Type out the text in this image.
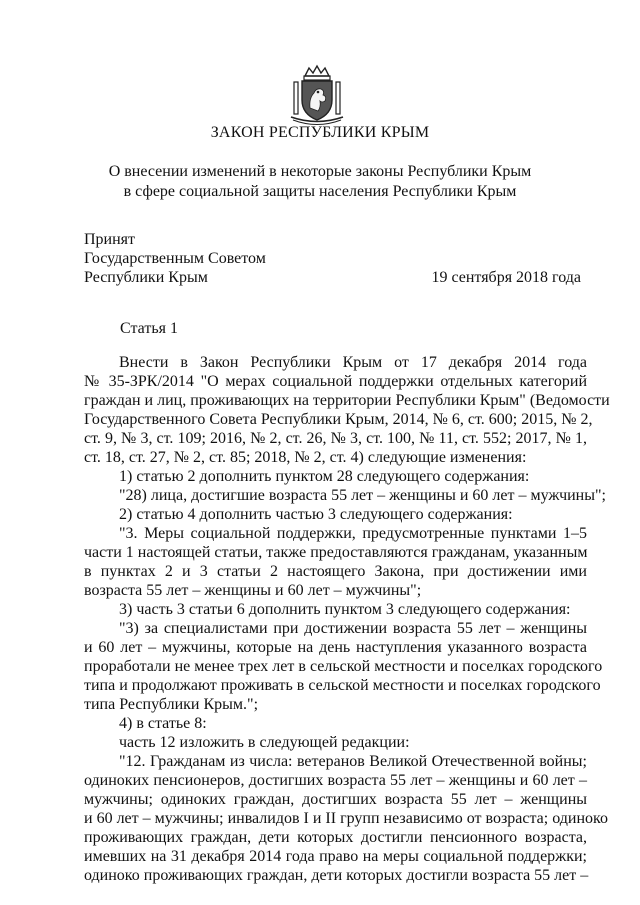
ЗАКОН РЕСПУБЛИКИ КРЫМ
О внесении изменений в некоторые законы Республики Крым
в сфере социальной защиты населения Республики Крым
Принят
Государственным Советом
Республики Крым	19 сентября 2018 года
Статья 1
Внести в Закон Республики Крым от 17 декабря 2014 года
№ 35-ЗРК/2014 "О мерах социальной поддержки отдельных категорий
граждан и лиц, проживающих на территории Республики Крым" (Ведомости
Государственного Совета Республики Крым, 2014, № 6, ст. 600; 2015, № 2,
ст. 9, № 3, ст. 109; 2016, № 2, ст. 26, № 3, ст. 100, № 11, ст. 552; 2017, № 1,
ст. 18, ст. 27, № 2, ст. 85; 2018, № 2, ст. 4) следующие изменения:
1) статью 2 дополнить пунктом 28 следующего содержания:
"28) лица, достигшие возраста 55 лет – женщины и 60 лет – мужчины";
2) статью 4 дополнить частью 3 следующего содержания:
"3. Меры социальной поддержки, предусмотренные пунктами 1–5
части 1 настоящей статьи, также предоставляются гражданам, указанным
в пунктах 2 и 3 статьи 2 настоящего Закона, при достижении ими
возраста 55 лет – женщины и 60 лет – мужчины";
3) часть 3 статьи 6 дополнить пунктом 3 следующего содержания:
"3) за специалистами при достижении возраста 55 лет – женщины
и 60 лет – мужчины, которые на день наступления указанного возраста
проработали не менее трех лет в сельской местности и поселках городского
типа и продолжают проживать в сельской местности и поселках городского
типа Республики Крым.";
4) в статье 8:
часть 12 изложить в следующей редакции:
"12. Гражданам из числа: ветеранов Великой Отечественной войны;
одиноких пенсионеров, достигших возраста 55 лет – женщины и 60 лет –
мужчины; одиноких граждан, достигших возраста 55 лет – женщины
и 60 лет – мужчины; инвалидов I и II групп независимо от возраста; одиноко
проживающих граждан, дети которых достигли пенсионного возраста,
имевших на 31 декабря 2014 года право на меры социальной поддержки;
одиноко проживающих граждан, дети которых достигли возраста 55 лет –
